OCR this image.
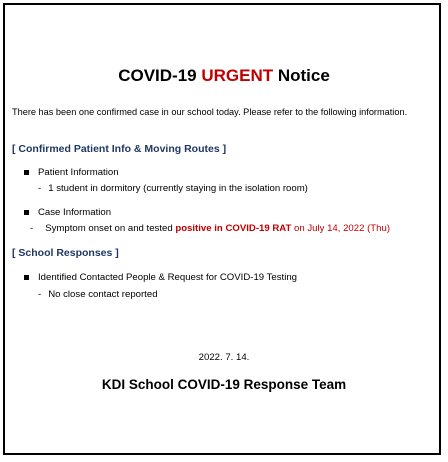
COVID-19 URGENT Notice
There has been one confirmed case in our school today. Please refer to the following information.
[ Confirmed Patient Info & Moving Routes ]
Patient Information
- 1 student in dormitory (currently staying in the isolation room)
Case Information
- Symptom onset on and tested positive in COVID-19 RAT on July 14, 2022 (Thu)
[ School Responses ]
Identified Contacted People & Request for COVID-19 Testing
- No close contact reported
2022. 7. 14.
KDI School COVID-19 Response Team
